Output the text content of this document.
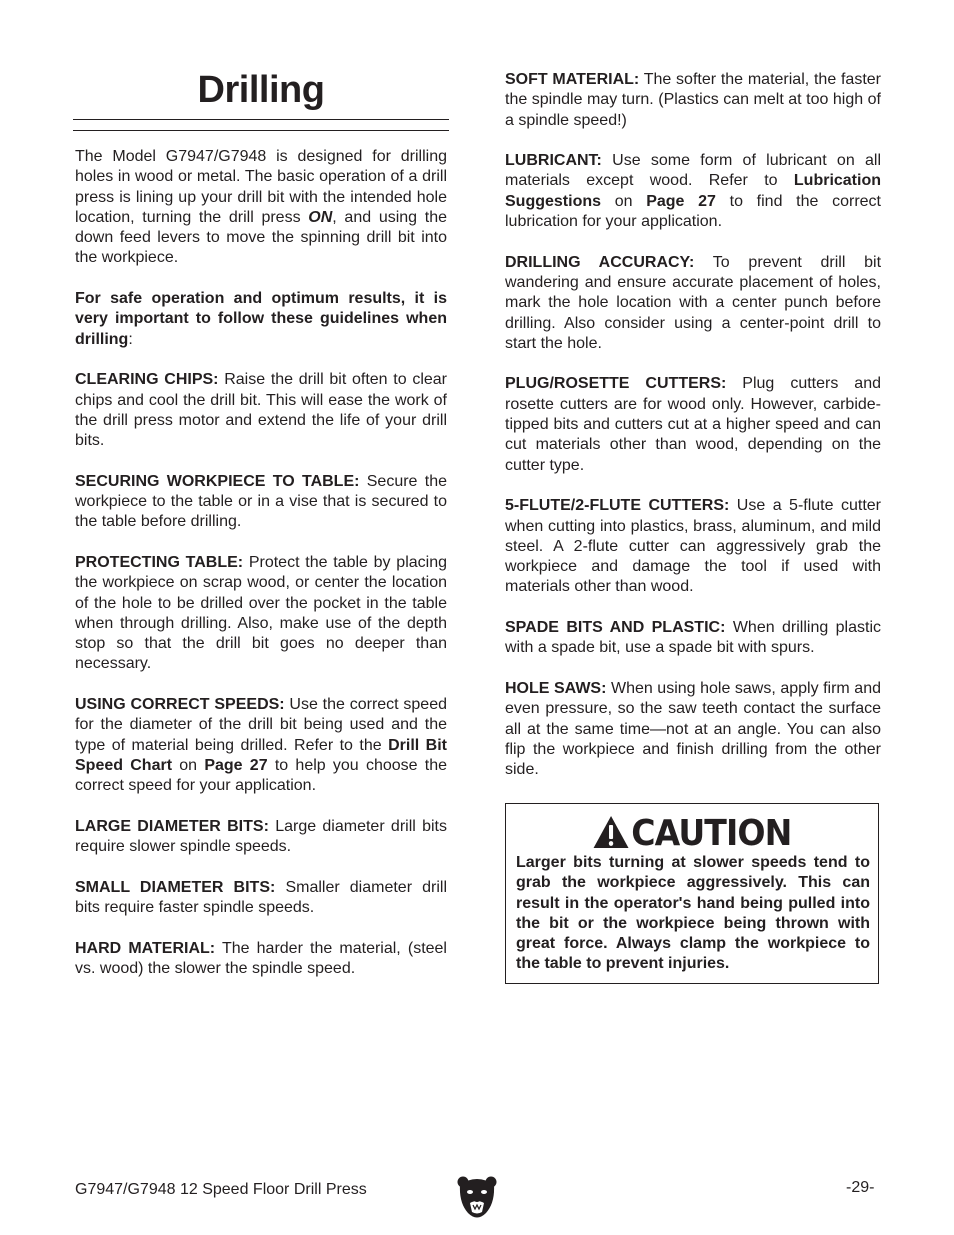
Drilling

The Model G7947/G7948 is designed for drilling holes in wood or metal. The basic operation of a drill press is lining up your drill bit with the intended hole location, turning the drill press ON, and using the down feed levers to move the spinning drill bit into the workpiece.

For safe operation and optimum results, it is very important to follow these guidelines when drilling:

CLEARING CHIPS: Raise the drill bit often to clear chips and cool the drill bit. This will ease the work of the drill press motor and extend the life of your drill bits.

SECURING WORKPIECE TO TABLE: Secure the workpiece to the table or in a vise that is secured to the table before drilling.

PROTECTING TABLE: Protect the table by placing the workpiece on scrap wood, or center the location of the hole to be drilled over the pocket in the table when through drilling. Also, make use of the depth stop so that the drill bit goes no deeper than necessary.

USING CORRECT SPEEDS: Use the correct speed for the diameter of the drill bit being used and the type of material being drilled. Refer to the Drill Bit Speed Chart on Page 27 to help you choose the correct speed for your application.

LARGE DIAMETER BITS: Large diameter drill bits require slower spindle speeds.

SMALL DIAMETER BITS: Smaller diameter drill bits require faster spindle speeds.

HARD MATERIAL: The harder the material, (steel vs. wood) the slower the spindle speed.

SOFT MATERIAL: The softer the material, the faster the spindle may turn. (Plastics can melt at too high of a spindle speed!)

LUBRICANT: Use some form of lubricant on all materials except wood. Refer to Lubrication Suggestions on Page 27 to find the correct lubrication for your application.

DRILLING ACCURACY: To prevent drill bit wandering and ensure accurate placement of holes, mark the hole location with a center punch before drilling. Also consider using a center-point drill to start the hole.

PLUG/ROSETTE CUTTERS: Plug cutters and rosette cutters are for wood only. However, carbide-tipped bits and cutters cut at a higher speed and can cut materials other than wood, depending on the cutter type.

5-FLUTE/2-FLUTE CUTTERS: Use a 5-flute cutter when cutting into plastics, brass, aluminum, and mild steel. A 2-flute cutter can aggressively grab the workpiece and damage the tool if used with materials other than wood.

SPADE BITS AND PLASTIC: When drilling plastic with a spade bit, use a spade bit with spurs.

HOLE SAWS: When using hole saws, apply firm and even pressure, so the saw teeth contact the surface all at the same time—not at an angle. You can also flip the workpiece and finish drilling from the other side.

CAUTION
Larger bits turning at slower speeds tend to grab the workpiece aggressively. This can result in the operator's hand being pulled into the bit or the workpiece being thrown with great force. Always clamp the workpiece to the table to prevent injuries.
G7947/G7948 12 Speed Floor Drill Press	-29-
